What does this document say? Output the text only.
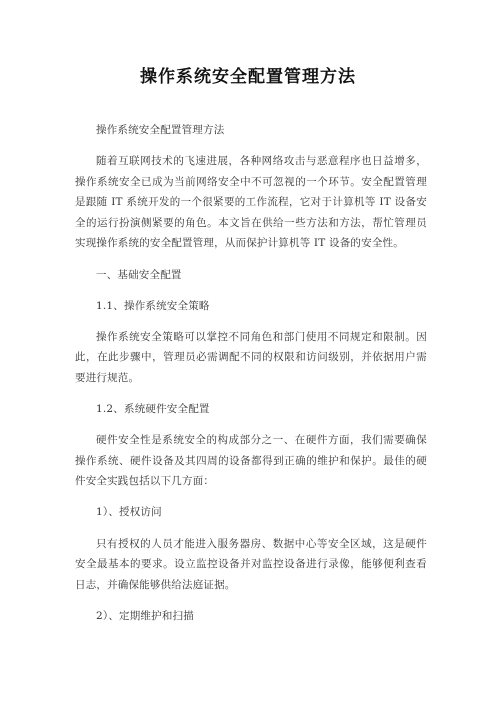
操作系统安全配置管理方法

操作系统安全配置管理方法

随着互联网技术的飞速进展，各种网络攻击与恶意程序也日益增多，操作系统安全已成为当前网络安全中不可忽视的一个环节。安全配置管理是跟随 IT 系统开发的一个很紧要的工作流程，它对于计算机等 IT 设备安全的运行扮演侧紧要的角色。本文旨在供给一些方法和方法，帮忙管理员实现操作系统的安全配置管理，从而保护计算机等 IT 设备的安全性。

一、基础安全配置

1.1、操作系统安全策略

操作系统安全策略可以掌控不同角色和部门使用不同规定和限制。因此，在此步骤中，管理员必需调配不同的权限和访问级别，并依据用户需要进行规范。

1.2、系统硬件安全配置

硬件安全性是系统安全的构成部分之一、在硬件方面，我们需要确保操作系统、硬件设备及其四周的设备都得到正确的维护和保护。最佳的硬件安全实践包括以下几方面：

1）、授权访问

只有授权的人员才能进入服务器房、数据中心等安全区域，这是硬件安全最基本的要求。设立监控设备并对监控设备进行录像，能够便利查看日志，并确保能够供给法庭证据。

2）、定期维护和扫描
